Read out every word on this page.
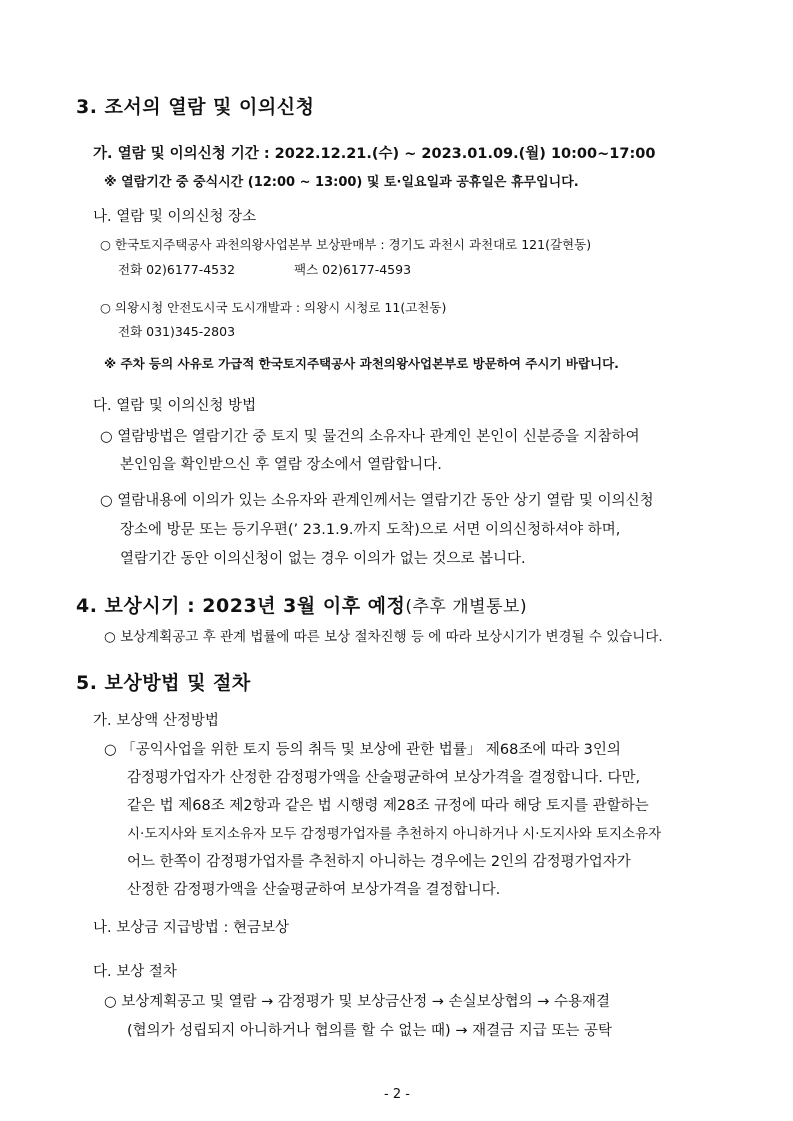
3. 조서의 열람 및 이의신청
가. 열람 및 이의신청 기간 : 2022.12.21.(수) ~ 2023.01.09.(월) 10:00~17:00
※ 열람기간 중 중식시간 (12:00 ~ 13:00) 및 토·일요일과 공휴일은 휴무입니다.
나. 열람 및 이의신청 장소
○ 한국토지주택공사 과천의왕사업본부 보상판매부 : 경기도 과천시 과천대로 121(갈현동)
전화 02)6177-4532	팩스 02)6177-4593
○ 의왕시청 안전도시국 도시개발과 : 의왕시 시청로 11(고천동)
전화 031)345-2803
※ 주차 등의 사유로 가급적 한국토지주택공사 과천의왕사업본부로 방문하여 주시기 바랍니다.
다. 열람 및 이의신청 방법
○ 열람방법은 열람기간 중 토지 및 물건의 소유자나 관계인 본인이 신분증을 지참하여
본인임을 확인받으신 후 열람 장소에서 열람합니다.
○ 열람내용에 이의가 있는 소유자와 관계인께서는 열람기간 동안 상기 열람 및 이의신청
장소에 방문 또는 등기우편(’ 23.1.9.까지 도착)으로 서면 이의신청하셔야 하며,
열람기간 동안 이의신청이 없는 경우 이의가 없는 것으로 봅니다.
4. 보상시기 : 2023년 3월 이후 예정(추후 개별통보)
○ 보상계획공고 후 관계 법률에 따른 보상 절차진행 등 에 따라 보상시기가 변경될 수 있습니다.
5. 보상방법 및 절차
가. 보상액 산정방법
○ 「공익사업을 위한 토지 등의 취득 및 보상에 관한 법률」 제68조에 따라 3인의
감정평가업자가 산정한 감정평가액을 산술평균하여 보상가격을 결정합니다. 다만,
같은 법 제68조 제2항과 같은 법 시행령 제28조 규정에 따라 해당 토지를 관할하는
시·도지사와 토지소유자 모두 감정평가업자를 추천하지 아니하거나 시·도지사와 토지소유자
어느 한쪽이 감정평가업자를 추천하지 아니하는 경우에는 2인의 감정평가업자가
산정한 감정평가액을 산술평균하여 보상가격을 결정합니다.
나. 보상금 지급방법 : 현금보상
다. 보상 절차
○ 보상계획공고 및 열람 → 감정평가 및 보상금산정 → 손실보상협의 → 수용재결
(협의가 성립되지 아니하거나 협의를 할 수 없는 때) → 재결금 지급 또는 공탁
- 2 -
